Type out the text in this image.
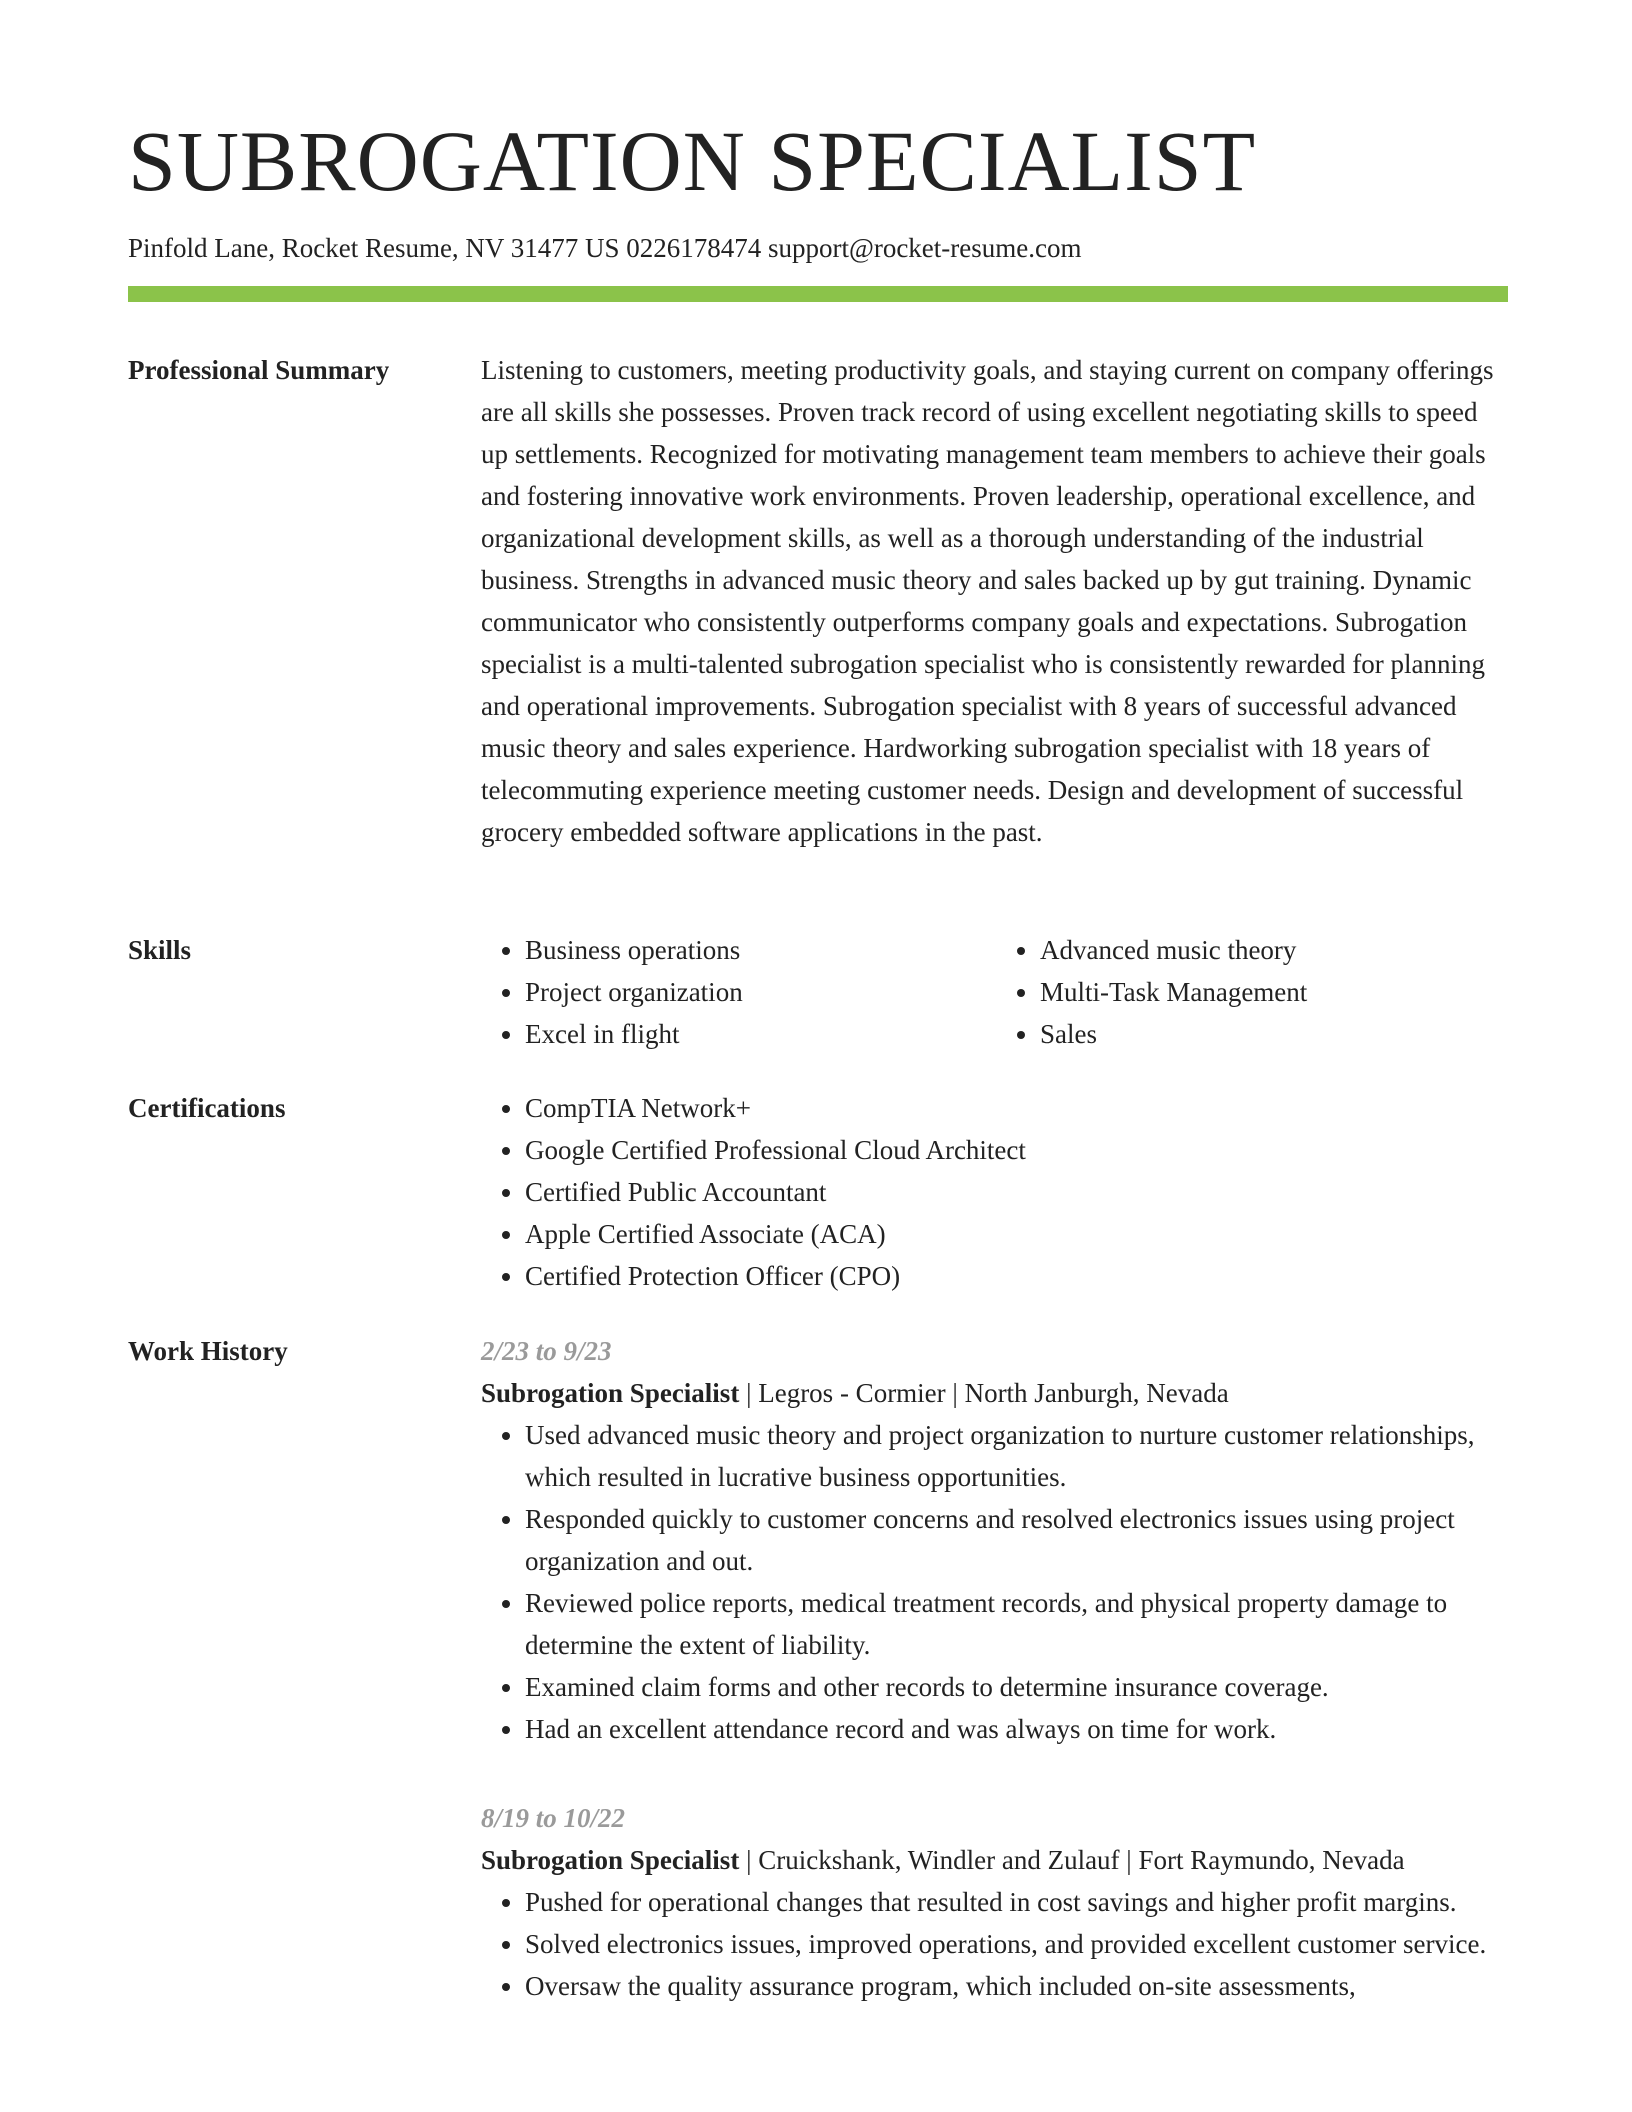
SUBROGATION SPECIALIST
Pinfold Lane, Rocket Resume, NV 31477 US 0226178474 support@rocket-resume.com
Professional Summary	Listening to customers, meeting productivity goals, and staying current on company offerings are all skills she possesses. Proven track record of using excellent negotiating skills to speed up settlements. Recognized for motivating management team members to achieve their goals and fostering innovative work environments. Proven leadership, operational excellence, and organizational development skills, as well as a thorough understanding of the industrial business. Strengths in advanced music theory and sales backed up by gut training. Dynamic communicator who consistently outperforms company goals and expectations. Subrogation specialist is a multi-talented subrogation specialist who is consistently rewarded for planning and operational improvements. Subrogation specialist with 8 years of successful advanced music theory and sales experience. Hardworking subrogation specialist with 18 years of telecommuting experience meeting customer needs. Design and development of successful grocery embedded software applications in the past.

Skills	• Business operations
• Project organization
• Excel in flight
• Advanced music theory
• Multi-Task Management
• Sales
Certifications	• CompTIA Network+
• Google Certified Professional Cloud Architect
• Certified Public Accountant
• Apple Certified Associate (ACA)
• Certified Protection Officer (CPO)
Work History	2/23 to 9/23
Subrogation Specialist | Legros - Cormier | North Janburgh, Nevada
• Used advanced music theory and project organization to nurture customer relationships, which resulted in lucrative business opportunities.
• Responded quickly to customer concerns and resolved electronics issues using project organization and out.
• Reviewed police reports, medical treatment records, and physical property damage to determine the extent of liability.
• Examined claim forms and other records to determine insurance coverage.
• Had an excellent attendance record and was always on time for work.
8/19 to 10/22
Subrogation Specialist | Cruickshank, Windler and Zulauf | Fort Raymundo, Nevada
• Pushed for operational changes that resulted in cost savings and higher profit margins.
• Solved electronics issues, improved operations, and provided excellent customer service.
• Oversaw the quality assurance program, which included on-site assessments,
